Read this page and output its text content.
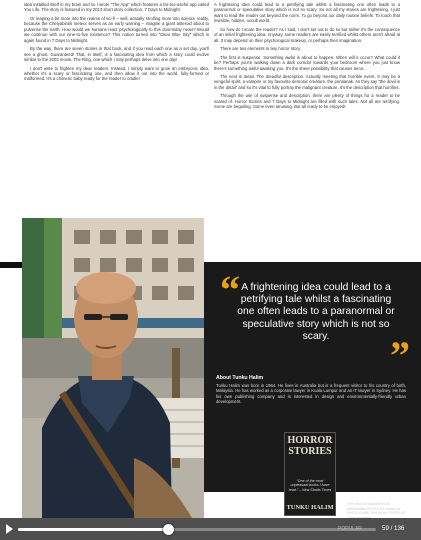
idea installed itself in my brain and so I wrote “The App” which features a far-too-useful app called You Life. The story is featured in my 2013 short story collection, 7 Days to Midnight.

Or leaping a bit more into the realms of sci-fi – well, actually strolling more into science reality, because the Chelyabinsk meteor serves as an early warning – imagine a giant asteroid about to pulverise the earth. How would we humans react psychologically to this doomsday news? Would we continue with our nine-to-five existence? This notion turned into “Clear Blue Sky” which is again found in 7 Days to Midnight.

By the way, there are seven stories in that book, and if you read each one as a set day, you'll see a ghost. Guaranteed! That, in itself, is a fascinating idea from which a story could evolve similar to the 2002 movie, The Ring, one which I may perhaps delve into one day!

I don't write to frighten my dear readers. Instead, I simply want to grow an embryonic idea, whether it's a scary or fascinating one, and then allow it out into the world, fully-formed or malformed. It's a chimeric baby ready for the reader to cradle!

A frightening idea could lead to a petrifying tale whilst a fascinating one often leads to a paranormal or speculative story which is not so scary. So not all my stories are frightening. I just want to lead the reader out beyond the norm. To go beyond our daily routine beliefs. To touch that invisible, hidden, occult world.

So how do I scare the reader? As I said, I don't set out to do so but rather it's the consequence of an initial frightening idea. Anyway, some readers are easily terrified whilst others aren't afraid at all. It may depend on their psychological makeup, or perhaps their imagination.

There are two elements in any horror story.

The first is suspense. Something awful is about to happen. When will it occur? What could it be? Perhaps you're walking down a dark corridor towards your bedroom where you just know there's something awful awaiting you. It's the sheer possibility that causes terror.

The next is detail. The dreadful description. Actually meeting that horrible event. It may be a vengeful spirit, a vampire or my favourite demonic creature, the pontianak. As they say “the devil is in the detail” and so it's vital to fully portray the malignant creature. It's the description that horrifies.

Through the use of suspense and description, there are plenty of things for a reader to be scared of. Horror Stories and 7 Days to Midnight are filled with such tales. Not all are terrifying. Some are beguiling. Some even amusing. But all ready to be enjoyed!

“ A frightening idea could lead to a petrifying tale whilst a fascinating one often leads to a paranormal or speculative story which is not so scary.	”
About Tunku Halim
Tunku Halim was born in 1964. He lives in Australia but is a frequent visitor to his country of birth, Malaysia. He has worked as a corporate lawyer in Kuala Lumpur and an IT lawyer in Sydney. He has his own publishing company and is interested in design and environmentally-friendly urban development.
HORROR STORIES
“One of the most unpleasant books I have read.” – New Straits Times
TUNKU HALIM	This book is available in all participating POPULAR outlets at RM24.90 with 20% off for POPULAR
59 / 136
POPULAR
